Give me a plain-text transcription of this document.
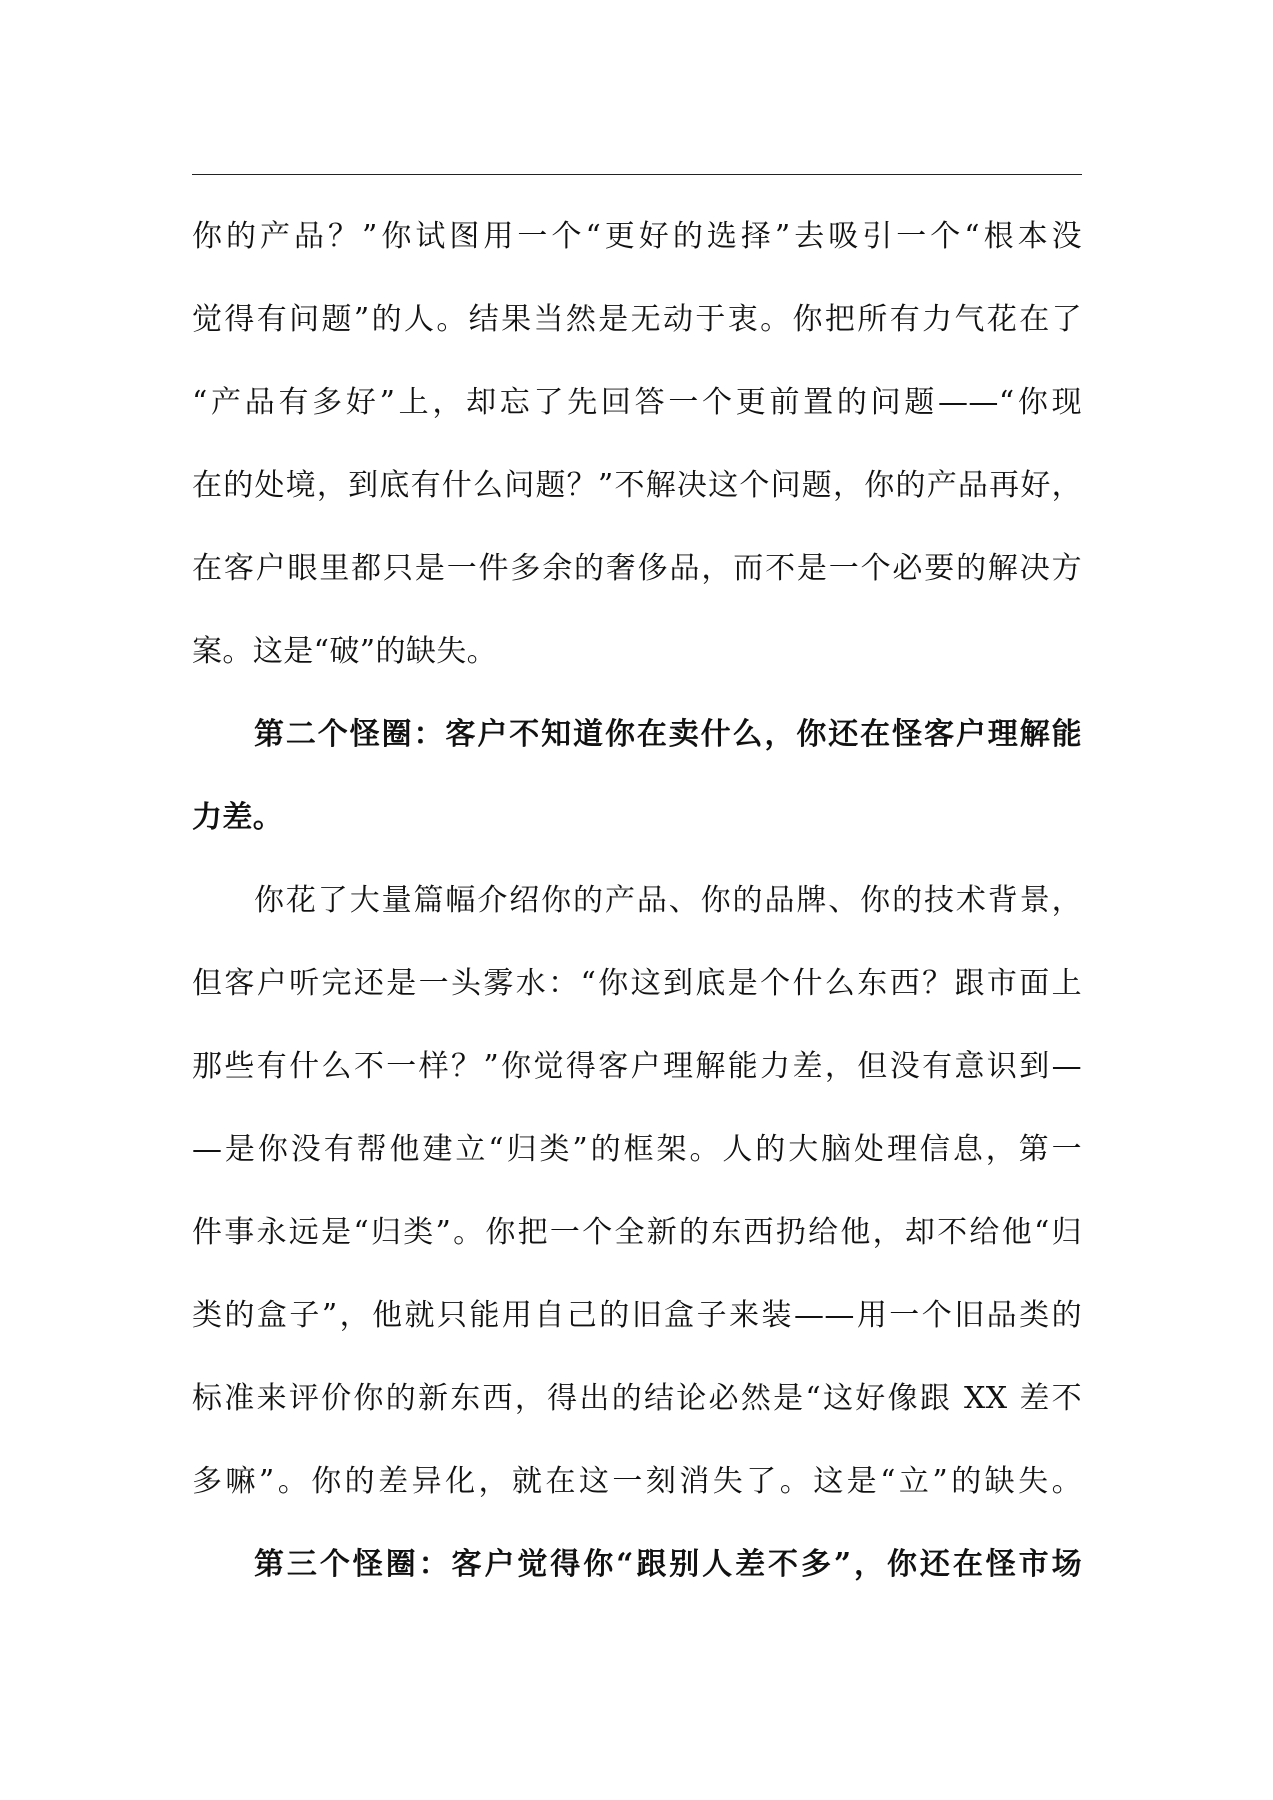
你的产品？”你试图用一个“更好的选择”去吸引一个“根本没
觉得有问题”的人。结果当然是无动于衷。你把所有力气花在了
“产品有多好”上，却忘了先回答一个更前置的问题——“你现
在的处境，到底有什么问题？”不解决这个问题，你的产品再好，
在客户眼里都只是一件多余的奢侈品，而不是一个必要的解决方
案。这是“破”的缺失。
第二个怪圈：客户不知道你在卖什么，你还在怪客户理解能
力差。
你花了大量篇幅介绍你的产品、你的品牌、你的技术背景，
但客户听完还是一头雾水：“你这到底是个什么东西？跟市面上
那些有什么不一样？”你觉得客户理解能力差，但没有意识到—
—是你没有帮他建立“归类”的框架。人的大脑处理信息，第一
件事永远是“归类”。你把一个全新的东西扔给他，却不给他“归
类的盒子”，他就只能用自己的旧盒子来装——用一个旧品类的
标准来评价你的新东西，得出的结论必然是“这好像跟 XX 差不
多嘛”。你的差异化，就在这一刻消失了。这是“立”的缺失。
第三个怪圈：客户觉得你“跟别人差不多”，你还在怪市场
